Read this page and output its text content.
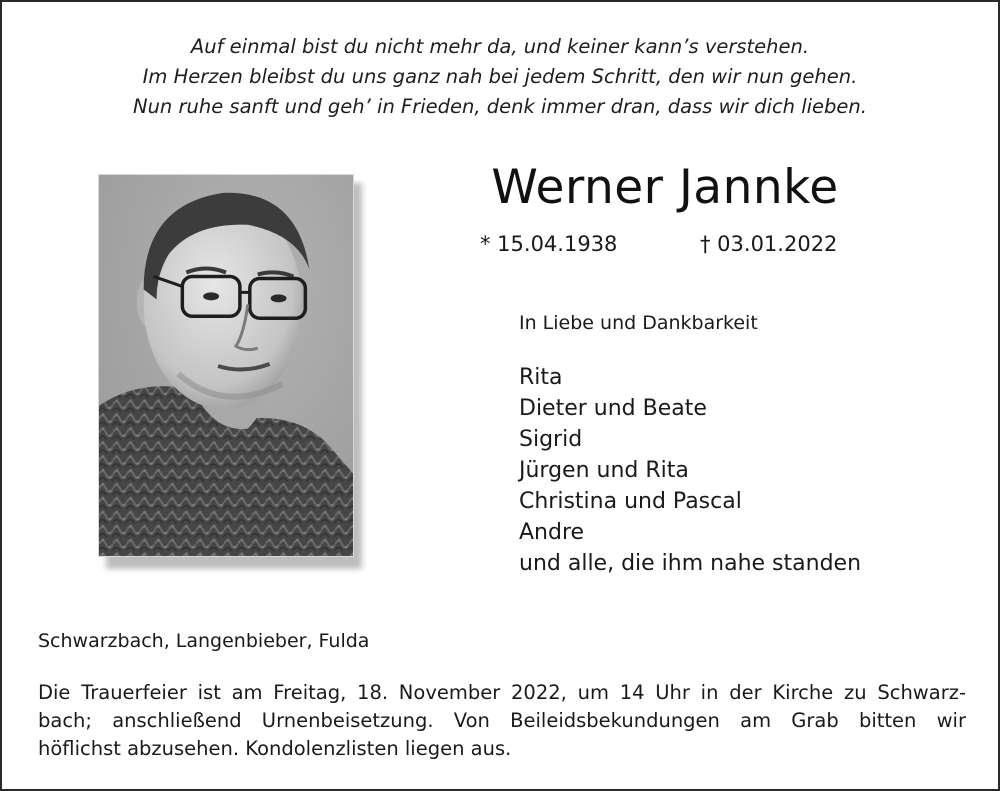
Auf einmal bist du nicht mehr da, und keiner kann’s verstehen.
Im Herzen bleibst du uns ganz nah bei jedem Schritt, den wir nun gehen.
Nun ruhe sanft und geh’ in Frieden, denk immer dran, dass wir dich lieben.
Werner Jannke
* 15.04.1938	† 03.01.2022
In Liebe und Dankbarkeit
Rita
Dieter und Beate
Sigrid
Jürgen und Rita
Christina und Pascal
Andre
und alle, die ihm nahe standen
Schwarzbach, Langenbieber, Fulda
Die Trauerfeier ist am Freitag, 18. November 2022, um 14 Uhr in der Kirche zu Schwarz-
bach; anschließend Urnenbeisetzung. Von Beileidsbekundungen am Grab bitten wir
höflichst abzusehen. Kondolenzlisten liegen aus.
